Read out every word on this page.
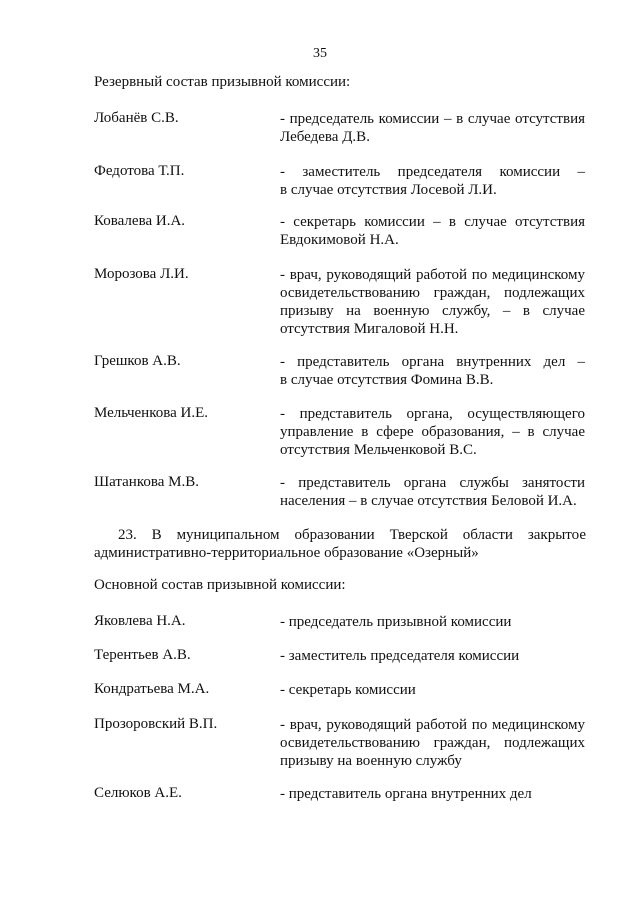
35
Резервный состав призывной комиссии:
Лобанёв С.В.	- председатель комиссии – в случае отсутствия
Лебедева Д.В.
Федотова Т.П.	- заместитель председателя комиссии –
в случае отсутствия Лосевой Л.И.
Ковалева И.А.	- секретарь комиссии – в случае отсутствия
Евдокимовой Н.А.
Морозова Л.И.	- врач, руководящий работой по медицинскому
освидетельствованию граждан, подлежащих
призыву на военную службу, – в случае
отсутствия Мигаловой Н.Н.
Грешков А.В.	- представитель органа внутренних дел –
в случае отсутствия Фомина В.В.
Мельченкова И.Е.	- представитель органа, осуществляющего
управление в сфере образования, – в случае
отсутствия Мельченковой В.С.
Шатанкова М.В.	- представитель органа службы занятости
населения – в случае отсутствия Беловой И.А.
23. В муниципальном образовании Тверской области закрытое
административно-территориальное образование «Озерный»
Основной состав призывной комиссии:
Яковлева Н.А.	- председатель призывной комиссии
Терентьев А.В.	- заместитель председателя комиссии
Кондратьева М.А.	- секретарь комиссии
Прозоровский В.П.	- врач, руководящий работой по медицинскому
освидетельствованию граждан, подлежащих
призыву на военную службу
Селюков А.Е.	- представитель органа внутренних дел
